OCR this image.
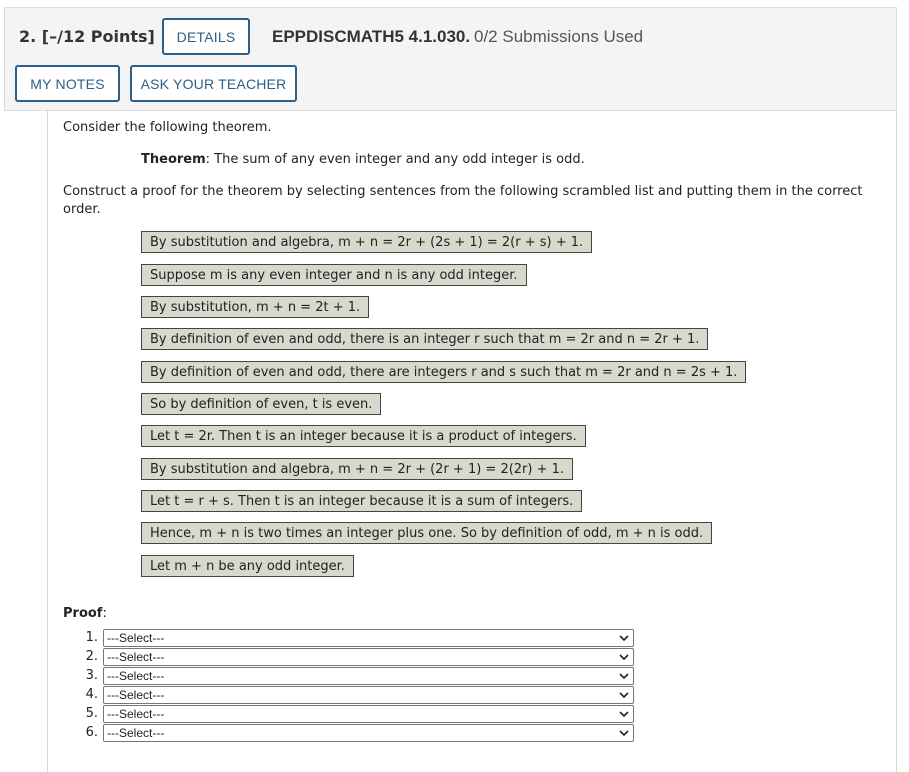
2. [–/12 Points]	DETAILS	EPPDISCMATH5 4.1.030. 0/2 Submissions Used
MY NOTES	ASK YOUR TEACHER
Consider the following theorem.
Theorem: The sum of any even integer and any odd integer is odd.
Construct a proof for the theorem by selecting sentences from the following scrambled list and putting them in the correct order.
By substitution and algebra, m + n = 2r + (2s + 1) = 2(r + s) + 1.
Suppose m is any even integer and n is any odd integer.
By substitution, m + n = 2t + 1.
By definition of even and odd, there is an integer r such that m = 2r and n = 2r + 1.
By definition of even and odd, there are integers r and s such that m = 2r and n = 2s + 1.
So by definition of even, t is even.
Let t = 2r. Then t is an integer because it is a product of integers.
By substitution and algebra, m + n = 2r + (2r + 1) = 2(2r) + 1.
Let t = r + s. Then t is an integer because it is a sum of integers.
Hence, m + n is two times an integer plus one. So by definition of odd, m + n is odd.
Let m + n be any odd integer.
Proof:
1. ---Select---
2. ---Select---
3. ---Select---
4. ---Select---
5. ---Select---
6. ---Select---
